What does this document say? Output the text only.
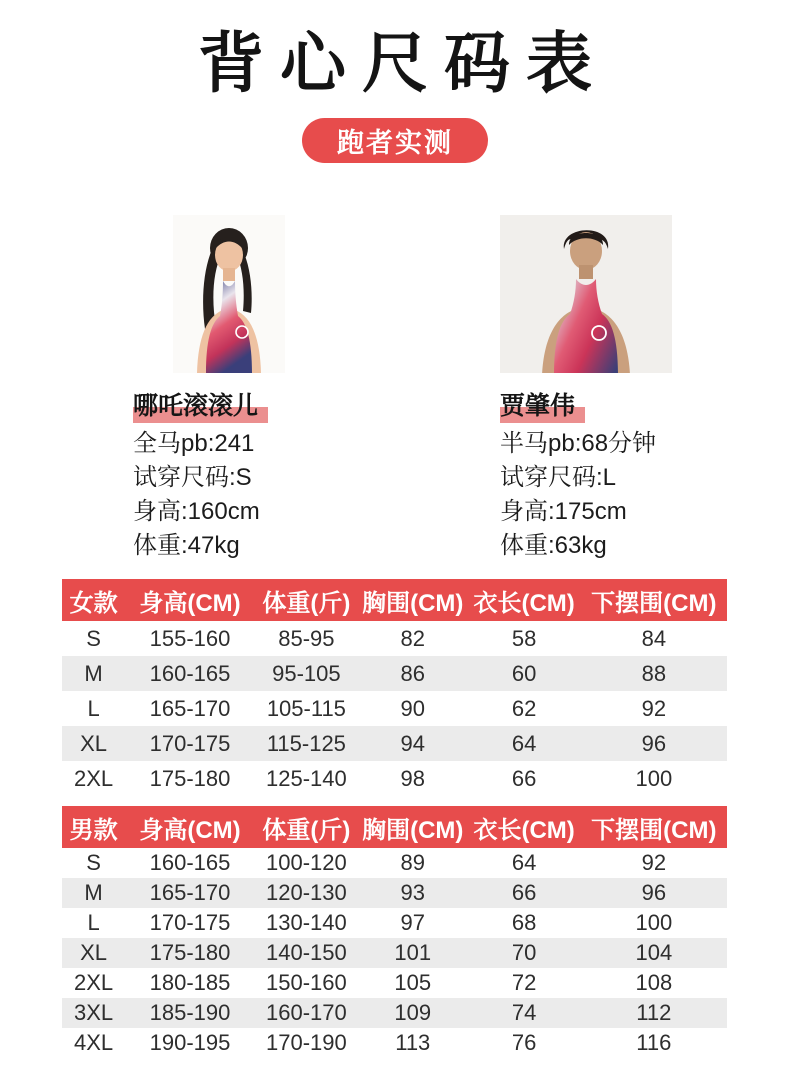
背心尺码表
跑者实测
哪吒滚滚儿
全马pb:241
试穿尺码:S
身高:160cm
体重:47kg
贾肇伟
半马pb:68分钟
试穿尺码:L
身高:175cm
体重:63kg
女款	身高(CM)	体重(斤)	胸围(CM)	衣长(CM)	下摆围(CM)
S	155-160	85-95	82	58	84
M	160-165	95-105	86	60	88
L	165-170	105-115	90	62	92
XL	170-175	115-125	94	64	96
2XL	175-180	125-140	98	66	100
男款	身高(CM)	体重(斤)	胸围(CM)	衣长(CM)	下摆围(CM)
S	160-165	100-120	89	64	92
M	165-170	120-130	93	66	96
L	170-175	130-140	97	68	100
XL	175-180	140-150	101	70	104
2XL	180-185	150-160	105	72	108
3XL	185-190	160-170	109	74	112
4XL	190-195	170-190	113	76	116
